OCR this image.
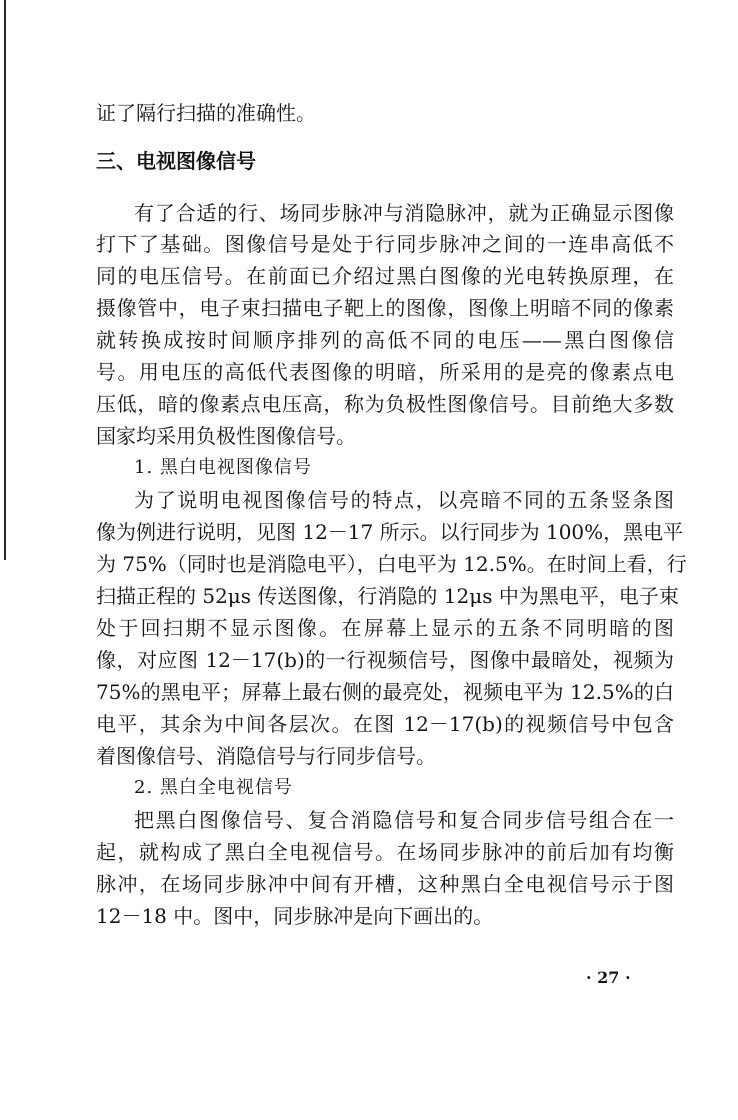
证了隔行扫描的准确性。
三、电视图像信号
有了合适的行、场同步脉冲与消隐脉冲，就为正确显示图像
打下了基础。图像信号是处于行同步脉冲之间的一连串高低不
同的电压信号。在前面已介绍过黑白图像的光电转换原理，在
摄像管中，电子束扫描电子靶上的图像，图像上明暗不同的像素
就转换成按时间顺序排列的高低不同的电压——黑白图像信
号。用电压的高低代表图像的明暗，所采用的是亮的像素点电
压低，暗的像素点电压高，称为负极性图像信号。目前绝大多数
国家均采用负极性图像信号。
1. 黑白电视图像信号
为了说明电视图像信号的特点，以亮暗不同的五条竖条图
像为例进行说明，见图 12－17 所示。以行同步为 100%，黑电平
为 75%（同时也是消隐电平），白电平为 12.5%。在时间上看，行
扫描正程的 52μs 传送图像，行消隐的 12μs 中为黑电平，电子束
处于回扫期不显示图像。在屏幕上显示的五条不同明暗的图
像，对应图 12－17(b)的一行视频信号，图像中最暗处，视频为
75%的黑电平；屏幕上最右侧的最亮处，视频电平为 12.5%的白
电平，其余为中间各层次。在图 12－17(b)的视频信号中包含
着图像信号、消隐信号与行同步信号。
2. 黑白全电视信号
把黑白图像信号、复合消隐信号和复合同步信号组合在一
起，就构成了黑白全电视信号。在场同步脉冲的前后加有均衡
脉冲，在场同步脉冲中间有开槽，这种黑白全电视信号示于图
12－18 中。图中，同步脉冲是向下画出的。
· 27 ·
